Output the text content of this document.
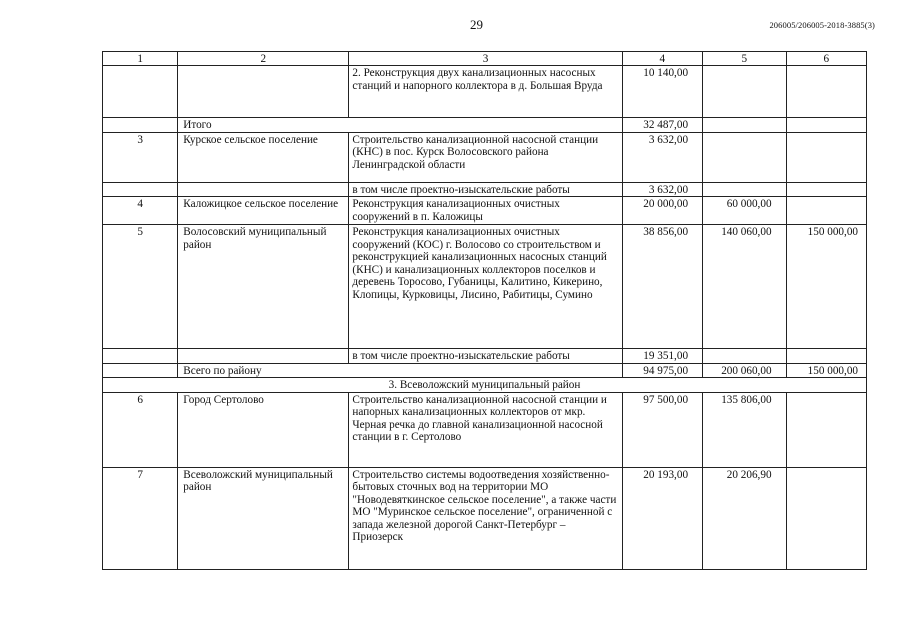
29	206005/206005-2018-3885(3)
1	2	3	4	5	6
		2. Реконструкция двух канализационных насосных станций и напорного коллектора в д. Большая Врудa	10 140,00		
	Итого		32 487,00		
3	Курское сельское поселение	Строительство канализационной насосной станции (КНС) в пос. Курск Волосовского района Ленинградской области	3 632,00		
		в том числе проектно-изыскательские работы	3 632,00		
4	Каложицкое сельское поселение	Реконструкция канализационных очистных сооружений в п. Каложицы	20 000,00	60 000,00	
5	Волосовский муниципальный район	Реконструкция канализационных очистных сооружений (КОС) г. Волосово со строительством и реконструкцией канализационных насосных станций (КНС) и канализационных коллекторов поселков и деревень Торосово, Губаницы, Калитино, Кикерино, Клопицы, Курковицы, Лисино, Рабитицы, Сумино	38 856,00	140 060,00	150 000,00
		в том числе проектно-изыскательские работы	19 351,00		
	Всего по району		94 975,00	200 060,00	150 000,00
3. Всеволожский муниципальный район					
6	Город Сертолово	Строительство канализационной насосной станции и напорных канализационных коллекторов от мкр. Черная речка до главной канализационной насосной станции в г. Сертолово	97 500,00	135 806,00	
7	Всеволожский муниципальный район	Строительство системы водоотведения хозяйственно-бытовых сточных вод на территории МО "Новодевяткинское сельское поселение", а также части МО "Муринское сельское поселение", ограниченной с запада железной дорогой Санкт-Петербург – Приозерск	20 193,00	20 206,90	
